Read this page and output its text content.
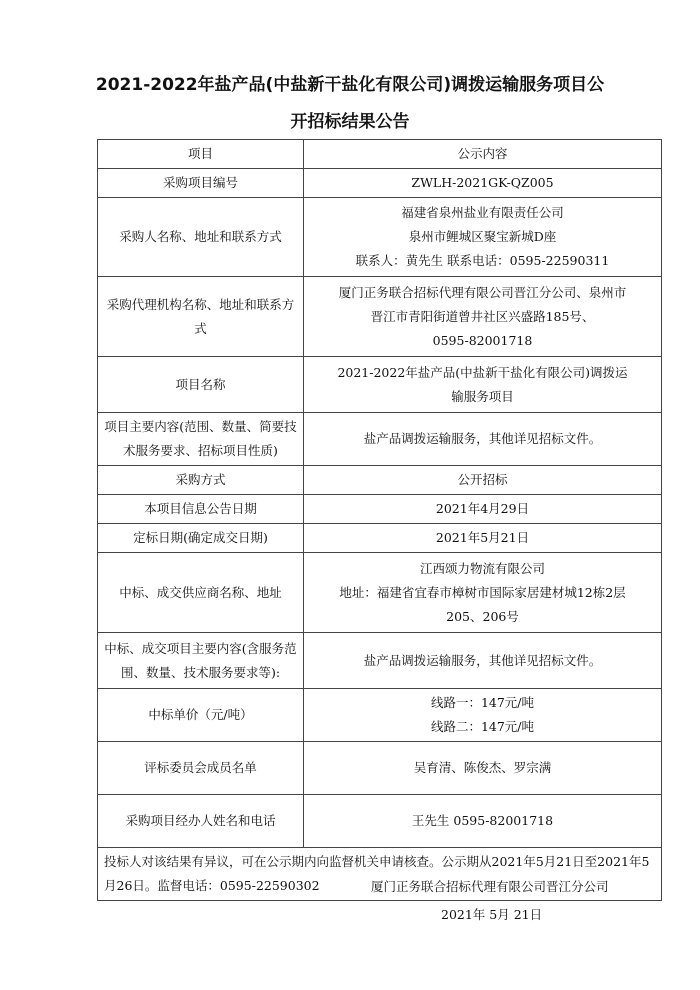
2021-2022年盐产品(中盐新干盐化有限公司)调拨运输服务项目公
开招标结果公告
项目	公示内容
采购项目编号	ZWLH-2021GK-QZ005

采购人名称、地址和联系方式	福建省泉州盐业有限责任公司
泉州市鲤城区聚宝新城D座
联系人：黄先生 联系电话：0595-22590311

采购代理机构名称、地址和联系方式	厦门正务联合招标代理有限公司晋江分公司、泉州市
晋江市青阳街道曾井社区兴盛路185号、
0595-82001718

项目名称	2021-2022年盐产品(中盐新干盐化有限公司)调拨运
输服务项目

项目主要内容(范围、数量、简要技术服务要求、招标项目性质)	盐产品调拨运输服务，其他详见招标文件。

采购方式	公开招标

本项目信息公告日期	2021年4月29日

定标日期(确定成交日期)	2021年5月21日

中标、成交供应商名称、地址	江西颂力物流有限公司
地址：福建省宜春市樟树市国际家居建材城12栋2层
205、206号

中标、成交项目主要内容(含服务范围、数量、技术服务要求等):	盐产品调拨运输服务，其他详见招标文件。

中标单价（元/吨）	线路一：147元/吨
线路二：147元/吨

评标委员会成员名单	吴育清、陈俊杰、罗宗满

采购项目经办人姓名和电话	王先生 0595-82001718

投标人对该结果有异议，可在公示期内向监督机关申请核查。公示期从2021年5月21日至2021年5月26日。监督电话：0595-22590302		厦门正务联合招标代理有限公司晋江分公司
2021年 5月 21日
